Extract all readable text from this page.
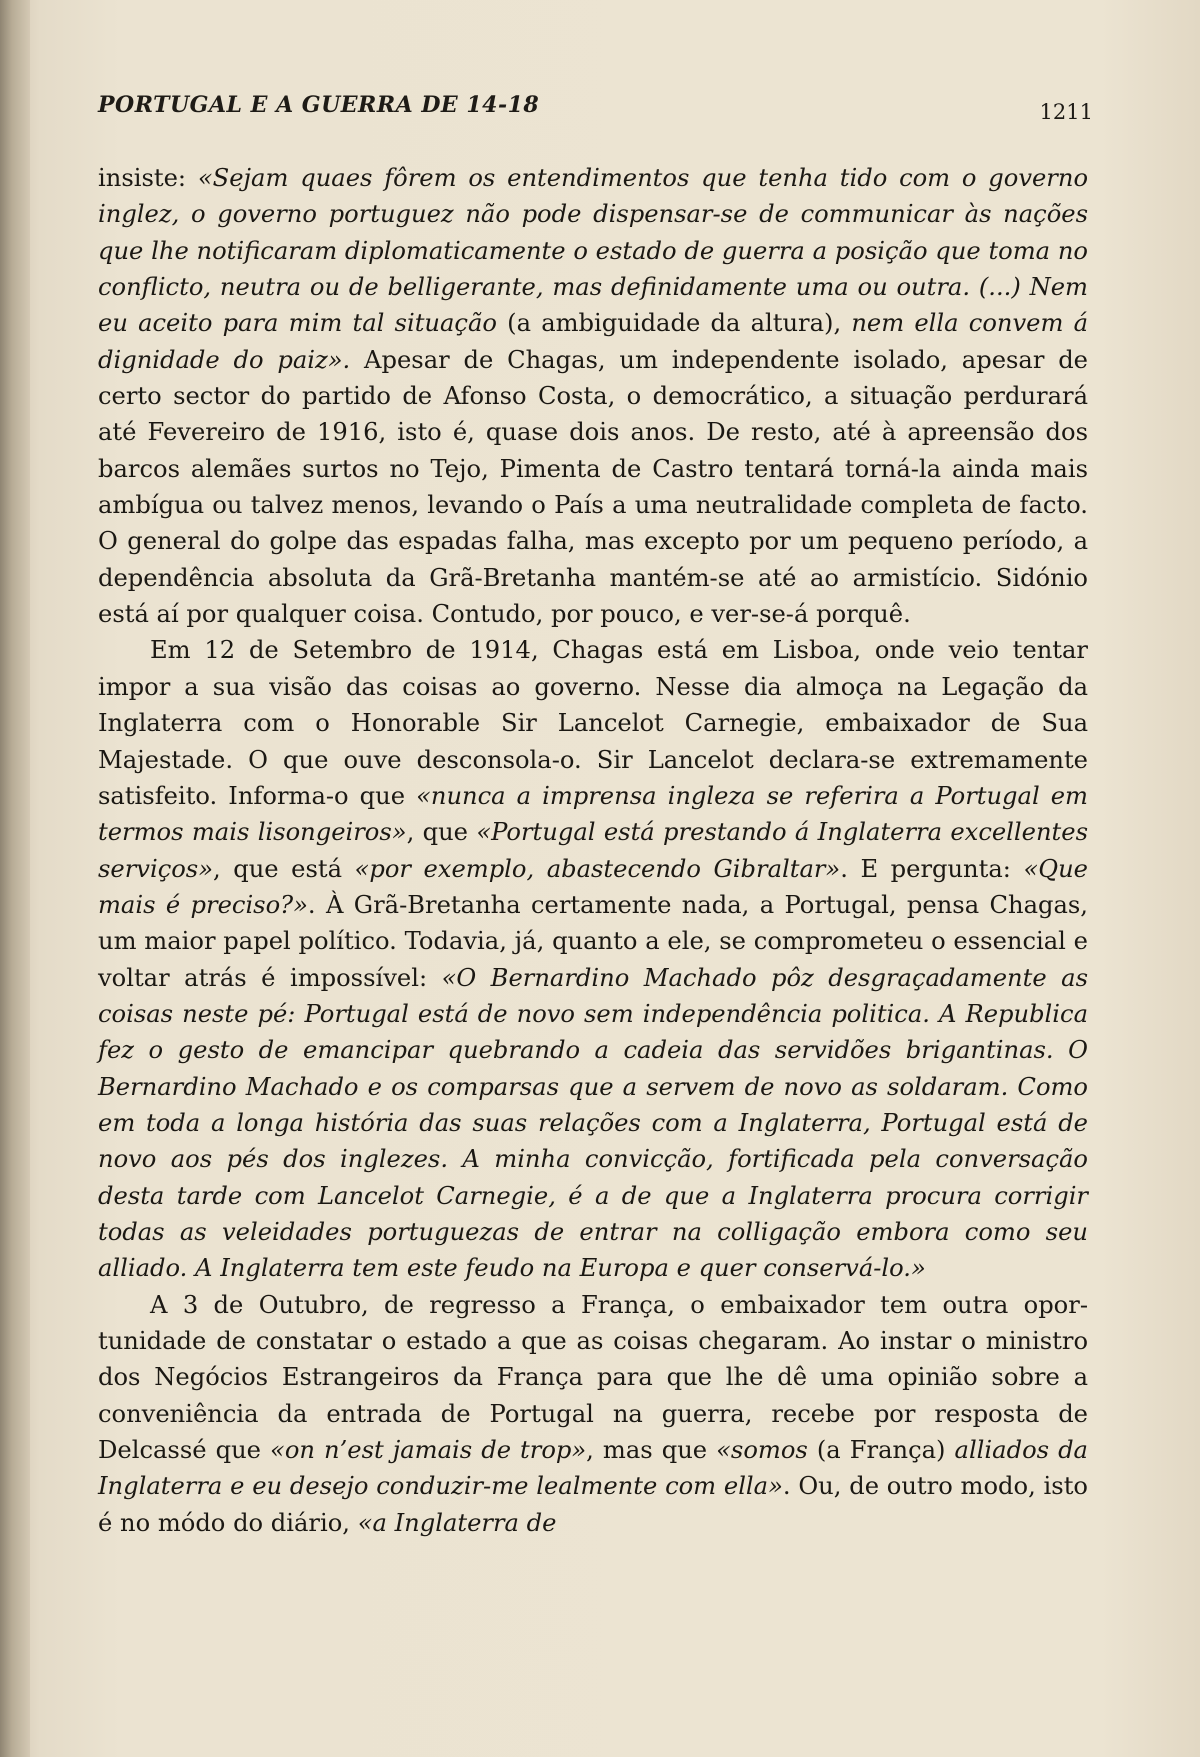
PORTUGAL E A GUERRA DE 14-18	1211

insiste: «Sejam quaes fôrem os entendimentos que tenha tido com o governo inglez, o governo portuguez não pode dispensar-se de communicar às nações que lhe notificaram diplomaticamente o estado de guerra a posição que toma no conflicto, neutra ou de belligerante, mas definidamente uma ou outra. (...) Nem eu aceito para mim tal situação (a ambiguidade da altura), nem ella convem á dignidade do paiz». Apesar de Chagas, um independente isolado, apesar de certo sector do partido de Afonso Costa, o democrático, a situação perdurará até Fevereiro de 1916, isto é, quase dois anos. De resto, até à apreensão dos barcos alemães surtos no Tejo, Pimenta de Castro tentará torná-la ainda mais ambígua ou talvez menos, levando o País a uma neutralidade completa de facto. O general do golpe das espadas falha, mas excepto por um pequeno período, a dependência absoluta da Grã-Bretanha mantém-se até ao armistício. Sidónio está aí por qualquer coisa. Contudo, por pouco, e ver-se-á porquê.

Em 12 de Setembro de 1914, Chagas está em Lisboa, onde veio tentar impor a sua visão das coisas ao governo. Nesse dia almoça na Legação da Inglaterra com o Honorable Sir Lancelot Carnegie, embaixador de Sua Majestade. O que ouve desconsola-o. Sir Lancelot declara-se extremamente satisfeito. Informa-o que «nunca a imprensa ingleza se referira a Portugal em termos mais lisongeiros», que «Portugal está prestando á Inglaterra excellentes serviços», que está «por exemplo, abastecendo Gibraltar». E pergunta: «Que mais é preciso?». À Grã-Bretanha certamente nada, a Portugal, pensa Chagas, um maior papel político. Todavia, já, quanto a ele, se comprometeu o essencial e voltar atrás é impossível: «O Bernardino Machado pôz desgraçadamente as coisas neste pé: Portugal está de novo sem independência politica. A Republica fez o gesto de emancipar quebrando a cadeia das servidões brigantinas. O Bernardino Machado e os comparsas que a servem de novo as soldaram. Como em toda a longa história das suas relações com a Inglaterra, Portugal está de novo aos pés dos inglezes. A minha convicção, fortificada pela conversação desta tarde com Lancelot Carnegie, é a de que a Inglaterra procura corrigir todas as veleidades portuguezas de entrar na colligação embora como seu alliado. A Inglaterra tem este feudo na Europa e quer conservá-lo.»

A 3 de Outubro, de regresso a França, o embaixador tem outra oportunidade de constatar o estado a que as coisas chegaram. Ao instar o ministro dos Negócios Estrangeiros da França para que lhe dê uma opinião sobre a conveniência da entrada de Portugal na guerra, recebe por resposta de Delcassé que «on n’est jamais de trop», mas que «somos (a França) alliados da Inglaterra e eu desejo conduzir-me lealmente com ella». Ou, de outro modo, isto é no módo do diário, «a Inglaterra de
